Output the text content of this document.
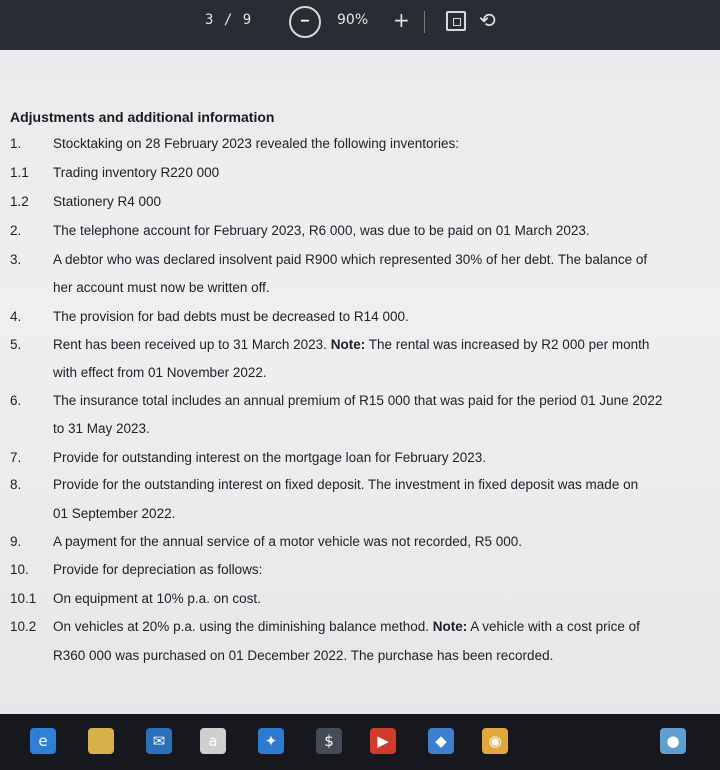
3 / 9	− 90% +	⟲
Adjustments and additional information
1. Stocktaking on 28 February 2023 revealed the following inventories:
1.1 Trading inventory R220 000
1.2 Stationery R4 000
2. The telephone account for February 2023, R6 000, was due to be paid on 01 March 2023.
3. A debtor who was declared insolvent paid R900 which represented 30% of her debt. The balance of
her account must now be written off.
4. The provision for bad debts must be decreased to R14 000.
5. Rent has been received up to 31 March 2023. Note: The rental was increased by R2 000 per month
with effect from 01 November 2022.
6. The insurance total includes an annual premium of R15 000 that was paid for the period 01 June 2022
to 31 May 2023.
7. Provide for outstanding interest on the mortgage loan for February 2023.
8. Provide for the outstanding interest on fixed deposit. The investment in fixed deposit was made on
01 September 2022.
9. A payment for the annual service of a motor vehicle was not recorded, R5 000.
10. Provide for depreciation as follows:
10.1 On equipment at 10% p.a. on cost.
10.2 On vehicles at 20% p.a. using the diminishing balance method. Note: A vehicle with a cost price of
R360 000 was purchased on 01 December 2022. The purchase has been recorded.
e	✉	a	✦	$	▶	◆	◉	●
